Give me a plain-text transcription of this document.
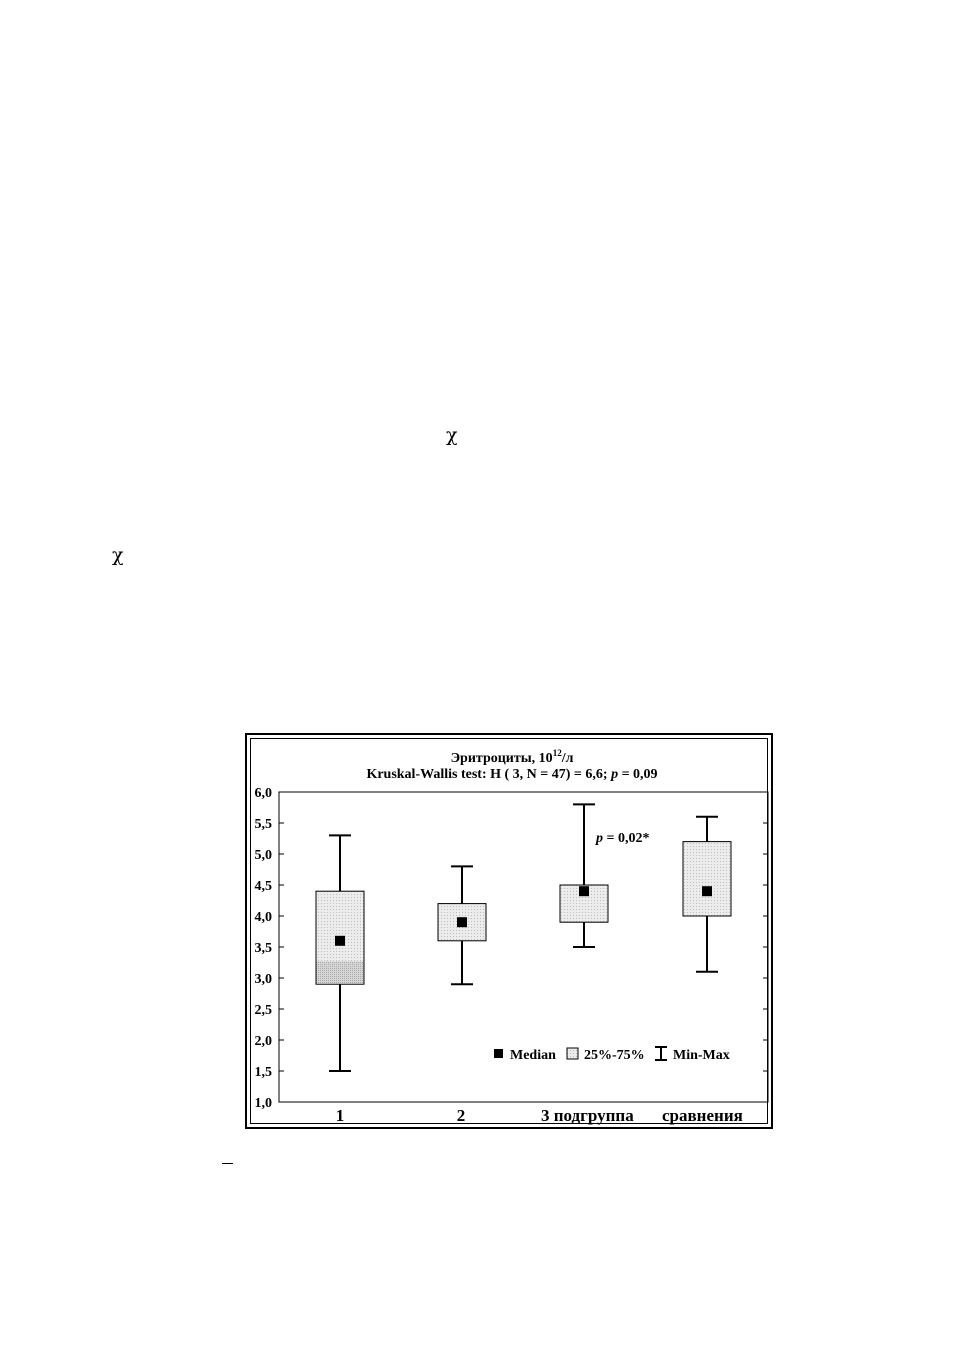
χ
χ
Эритроциты, $10^{12}/л$
Kruskal-Wallis test: H ( 3, N = 47) = 6,6; p = 0,09
1,0
1,5
2,0
2,5
3,0
3,5
4,0
4,5
5,0
5,5
6,0
1	2	3 подгруппа сравнения
p = 0,02*
Median 25%-75% Min-Max
